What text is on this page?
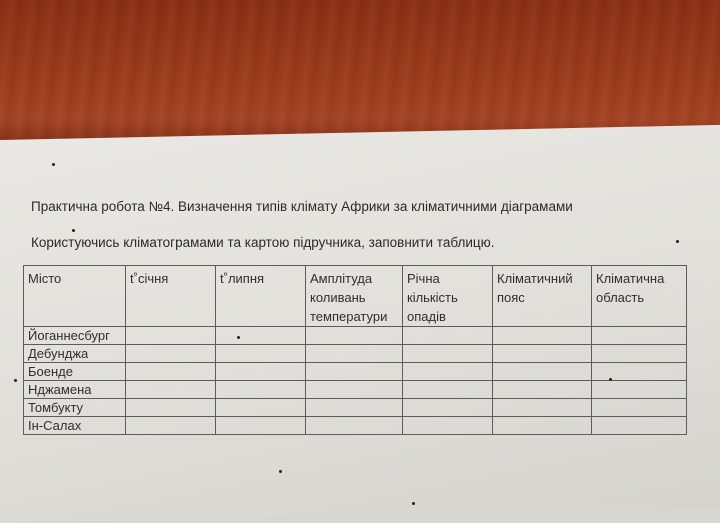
Практична робота №4. Визначення типів клімату Африки за кліматичними діаграмами
Користуючись кліматограмами та картою підручника, заповнити таблицю.
Місто	t˚січня	t˚липня	Амплітуда коливань температури	Річна кількість опадів	Кліматичний пояс	Кліматична область
Йоганнесбург						
Дебунджа						
Боенде						
Нджамена						
Томбукту						
Ін-Салах						
